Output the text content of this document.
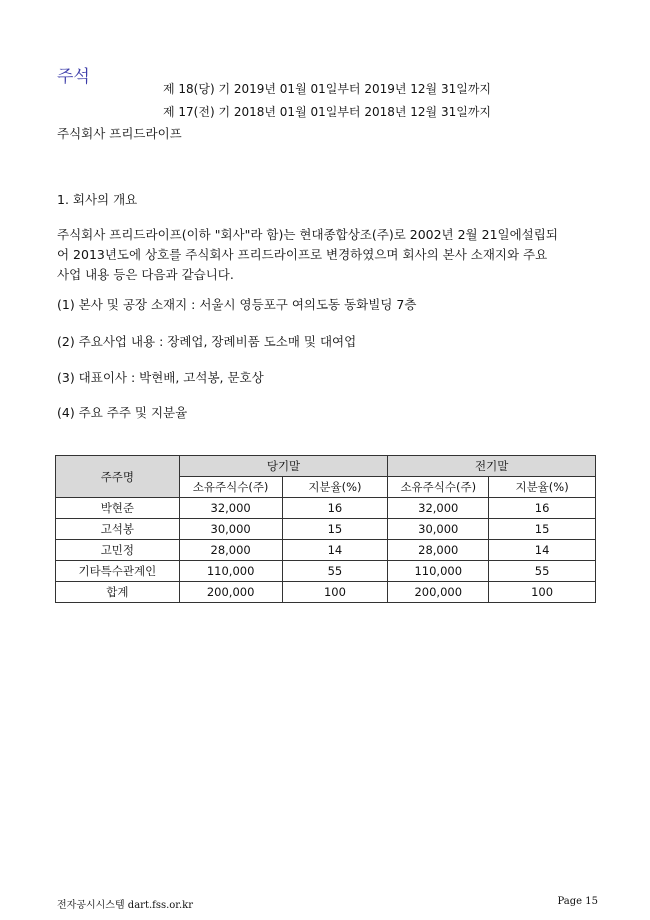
주석
제 18(당) 기 2019년 01월 01일부터 2019년 12월 31일까지
제 17(전) 기 2018년 01월 01일부터 2018년 12월 31일까지
주식회사 프리드라이프
1. 회사의 개요
주식회사 프리드라이프(이하 "회사"라 함)는 현대종합상조(주)로 2002년 2월 21일에설립되
어 2013년도에 상호를 주식회사 프리드라이프로 변경하였으며 회사의 본사 소재지와 주요
사업 내용 등은 다음과 같습니다.
(1) 본사 및 공장 소재지 : 서울시 영등포구 여의도동 동화빌딩 7층
(2) 주요사업 내용 : 장례업, 장례비품 도소매 및 대여업
(3) 대표이사 : 박현배, 고석봉, 문호상
(4) 주요 주주 및 지분율
주주명	당기말		전기말	
	소유주식수(주)	지분율(%)	소유주식수(주)	지분율(%)
박현준	32,000	16	32,000	16
고석봉	30,000	15	30,000	15
고민정	28,000	14	28,000	14
기타특수관계인	110,000	55	110,000	55
합계	200,000	100	200,000	100
전자공시시스템 dart.fss.or.kr	Page 15
